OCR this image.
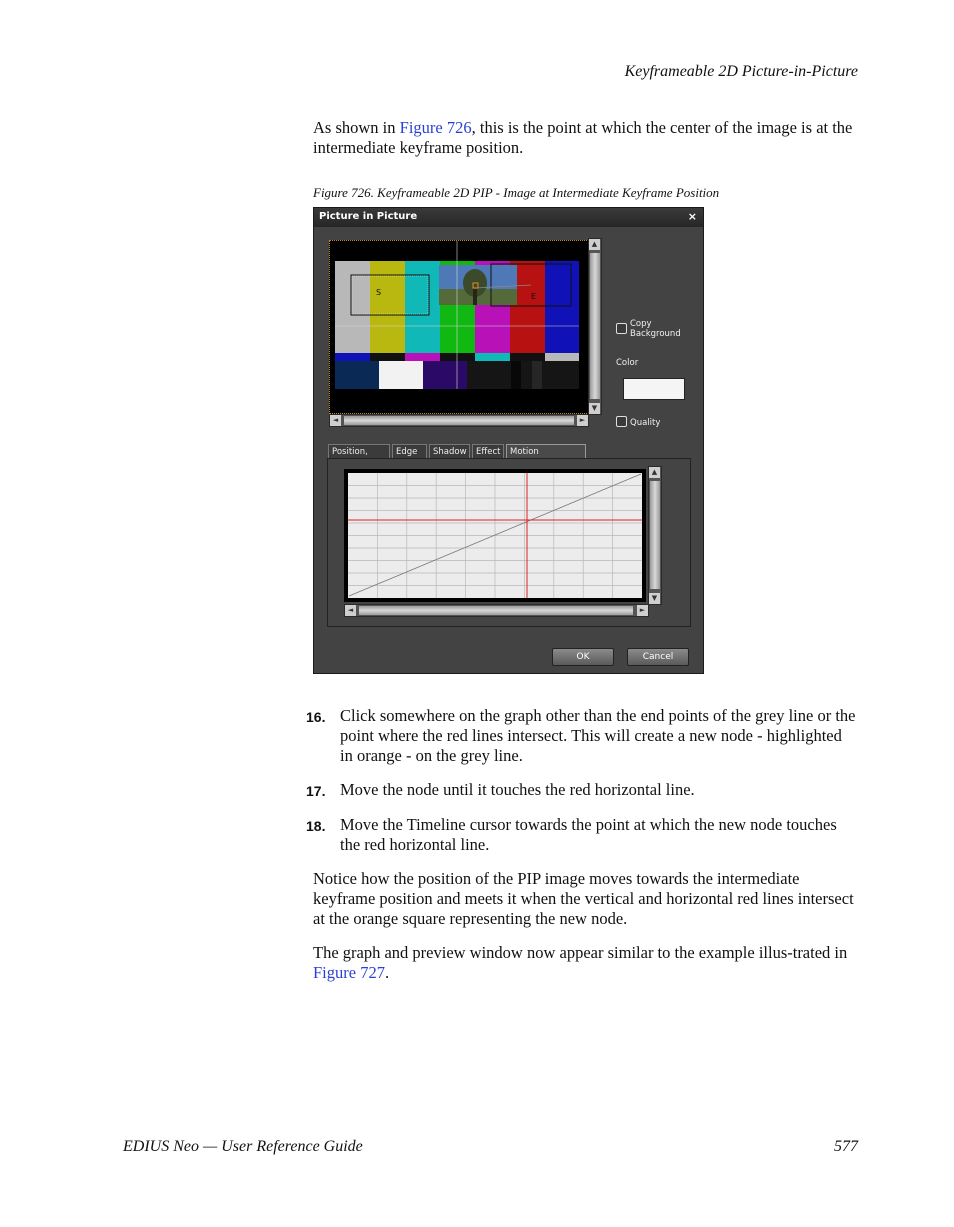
Keyframeable 2D Picture-in-Picture
As shown in Figure 726, this is the point at which the center of the image is at the intermediate keyframe position.
Figure 726. Keyframeable 2D PIP - Image at Intermediate Keyframe Position
Picture in Picture	×
S	E
▲
▼
◄	►
Copy
Background
Color
Quality
Position,	Edge	Shadow	Effect	Motion
▲
▼
◄	►
OK	Cancel
16. Click somewhere on the graph other than the end points of the grey line or the point where the red lines intersect. This will create a new node - highlighted in orange - on the grey line.
17. Move the node until it touches the red horizontal line.
18. Move the Timeline cursor towards the point at which the new node touches the red horizontal line.
Notice how the position of the PIP image moves towards the intermediate keyframe position and meets it when the vertical and horizontal red lines intersect at the orange square representing the new node.
The graph and preview window now appear similar to the example illus-trated in Figure 727.
EDIUS Neo — User Reference Guide	577
